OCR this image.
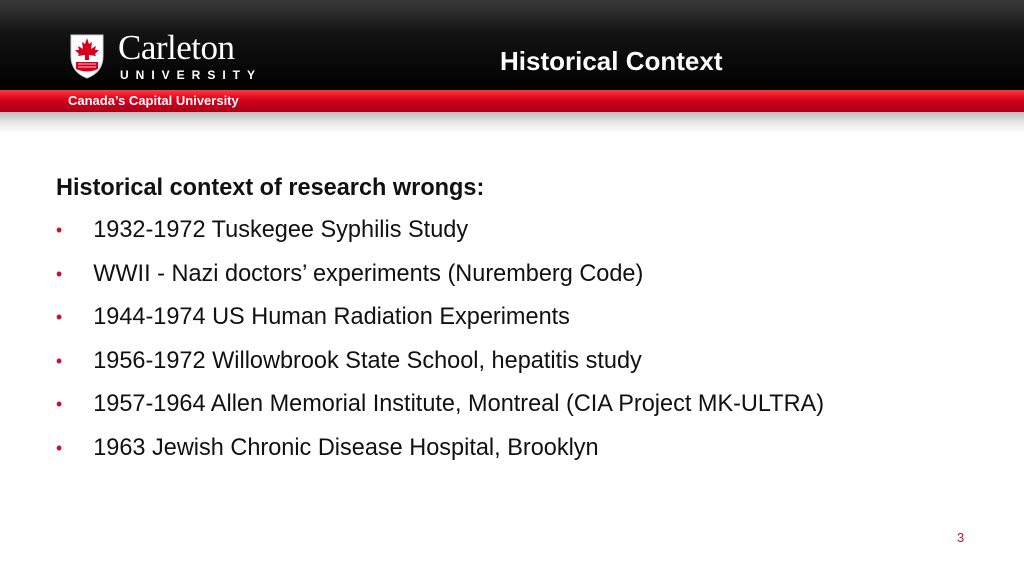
Carleton
UNIVERSITY	Historical Context
Canada’s Capital University
Historical context of research wrongs:
• 1932-1972 Tuskegee Syphilis Study
• WWII - Nazi doctors’ experiments (Nuremberg Code)
• 1944-1974 US Human Radiation Experiments
• 1956-1972 Willowbrook State School, hepatitis study
• 1957-1964 Allen Memorial Institute, Montreal (CIA Project MK-ULTRA)
• 1963 Jewish Chronic Disease Hospital, Brooklyn
3
